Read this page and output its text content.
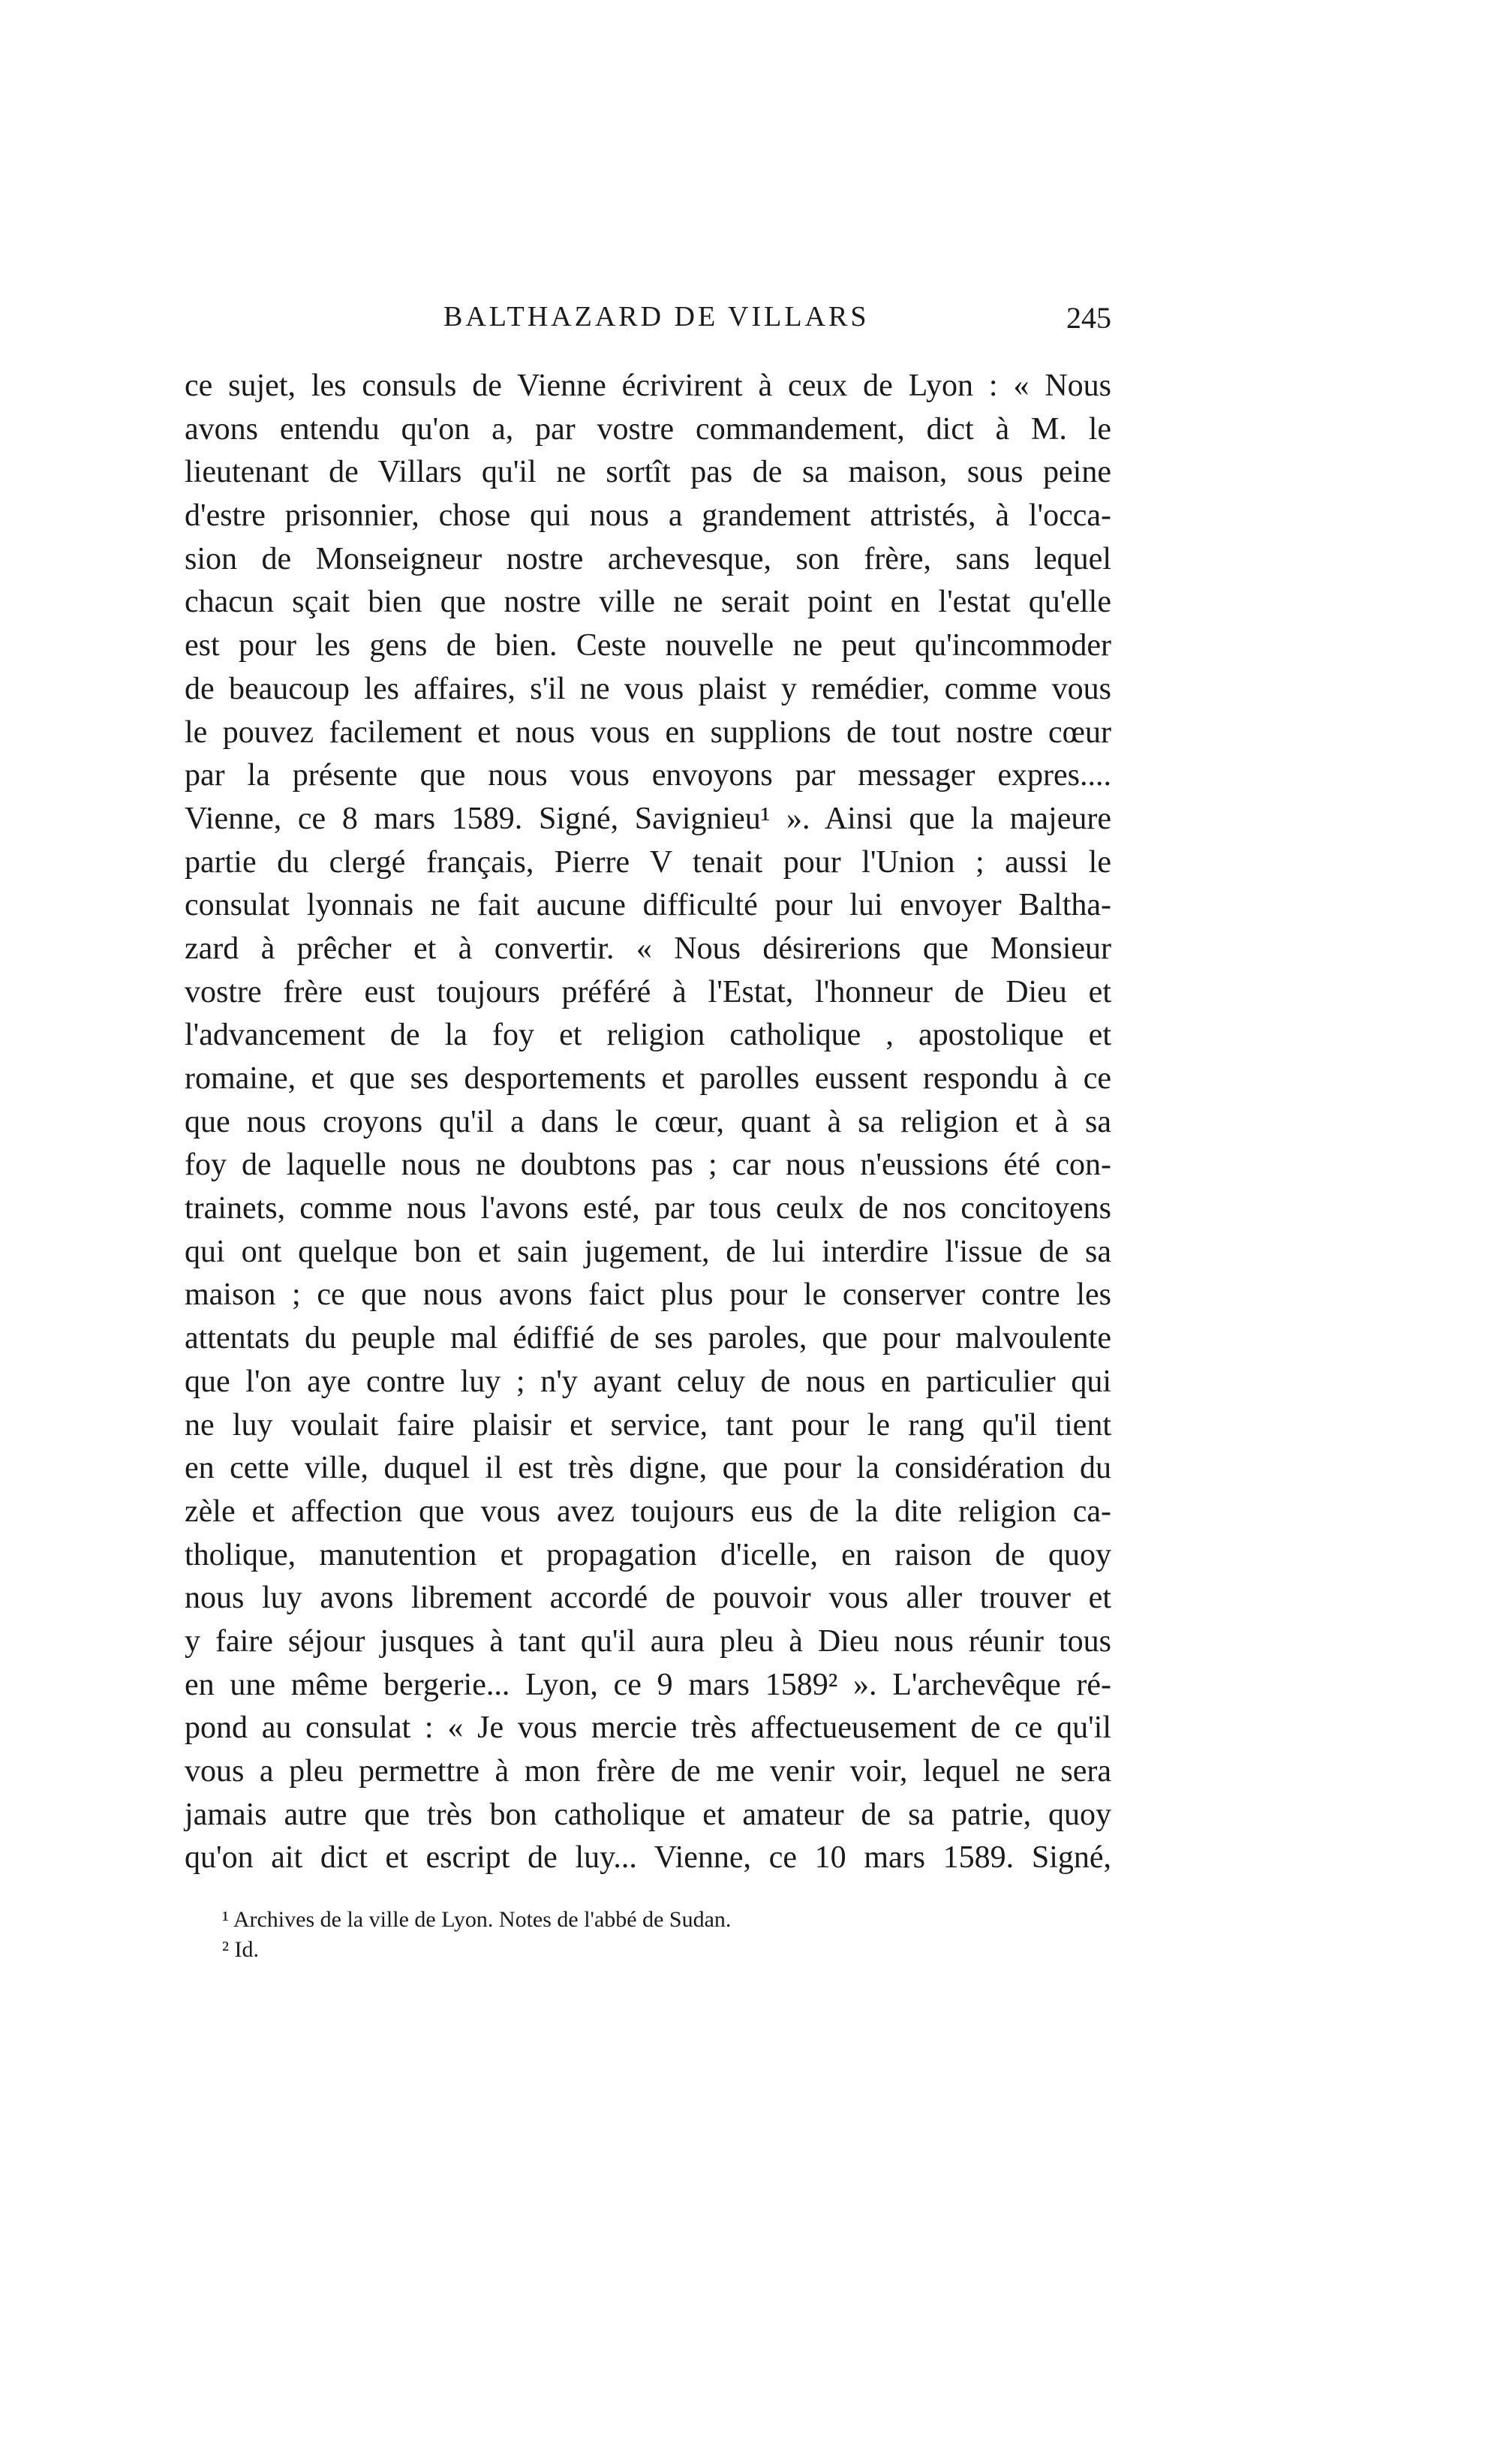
BALTHAZARD DE VILLARS	245
ce sujet, les consuls de Vienne écrivirent à ceux de Lyon : « Nous
avons entendu qu'on a, par vostre commandement, dict à M. le
lieutenant de Villars qu'il ne sortît pas de sa maison, sous peine
d'estre prisonnier, chose qui nous a grandement attristés, à l'occa-
sion de Monseigneur nostre archevesque, son frère, sans lequel
chacun sçait bien que nostre ville ne serait point en l'estat qu'elle
est pour les gens de bien. Ceste nouvelle ne peut qu'incommoder
de beaucoup les affaires, s'il ne vous plaist y remédier, comme vous
le pouvez facilement et nous vous en supplions de tout nostre cœur
par la présente que nous vous envoyons par messager expres....
Vienne, ce 8 mars 1589. Signé, Savignieu¹ ». Ainsi que la majeure
partie du clergé français, Pierre V tenait pour l'Union ; aussi le
consulat lyonnais ne fait aucune difficulté pour lui envoyer Baltha-
zard à prêcher et à convertir. « Nous désirerions que Monsieur
vostre frère eust toujours préféré à l'Estat, l'honneur de Dieu et
l'advancement de la foy et religion catholique , apostolique et
romaine, et que ses desportements et parolles eussent respondu à ce
que nous croyons qu'il a dans le cœur, quant à sa religion et à sa
foy de laquelle nous ne doubtons pas ; car nous n'eussions été con-
trainets, comme nous l'avons esté, par tous ceulx de nos concitoyens
qui ont quelque bon et sain jugement, de lui interdire l'issue de sa
maison ; ce que nous avons faict plus pour le conserver contre les
attentats du peuple mal édiffié de ses paroles, que pour malvoulente
que l'on aye contre luy ; n'y ayant celuy de nous en particulier qui
ne luy voulait faire plaisir et service, tant pour le rang qu'il tient
en cette ville, duquel il est très digne, que pour la considération du
zèle et affection que vous avez toujours eus de la dite religion ca-
tholique, manutention et propagation d'icelle, en raison de quoy
nous luy avons librement accordé de pouvoir vous aller trouver et
y faire séjour jusques à tant qu'il aura pleu à Dieu nous réunir tous
en une même bergerie... Lyon, ce 9 mars 1589² ». L'archevêque ré-
pond au consulat : « Je vous mercie très affectueusement de ce qu'il
vous a pleu permettre à mon frère de me venir voir, lequel ne sera
jamais autre que très bon catholique et amateur de sa patrie, quoy
qu'on ait dict et escript de luy... Vienne, ce 10 mars 1589. Signé,
¹ Archives de la ville de Lyon. Notes de l'abbé de Sudan.
² Id.
